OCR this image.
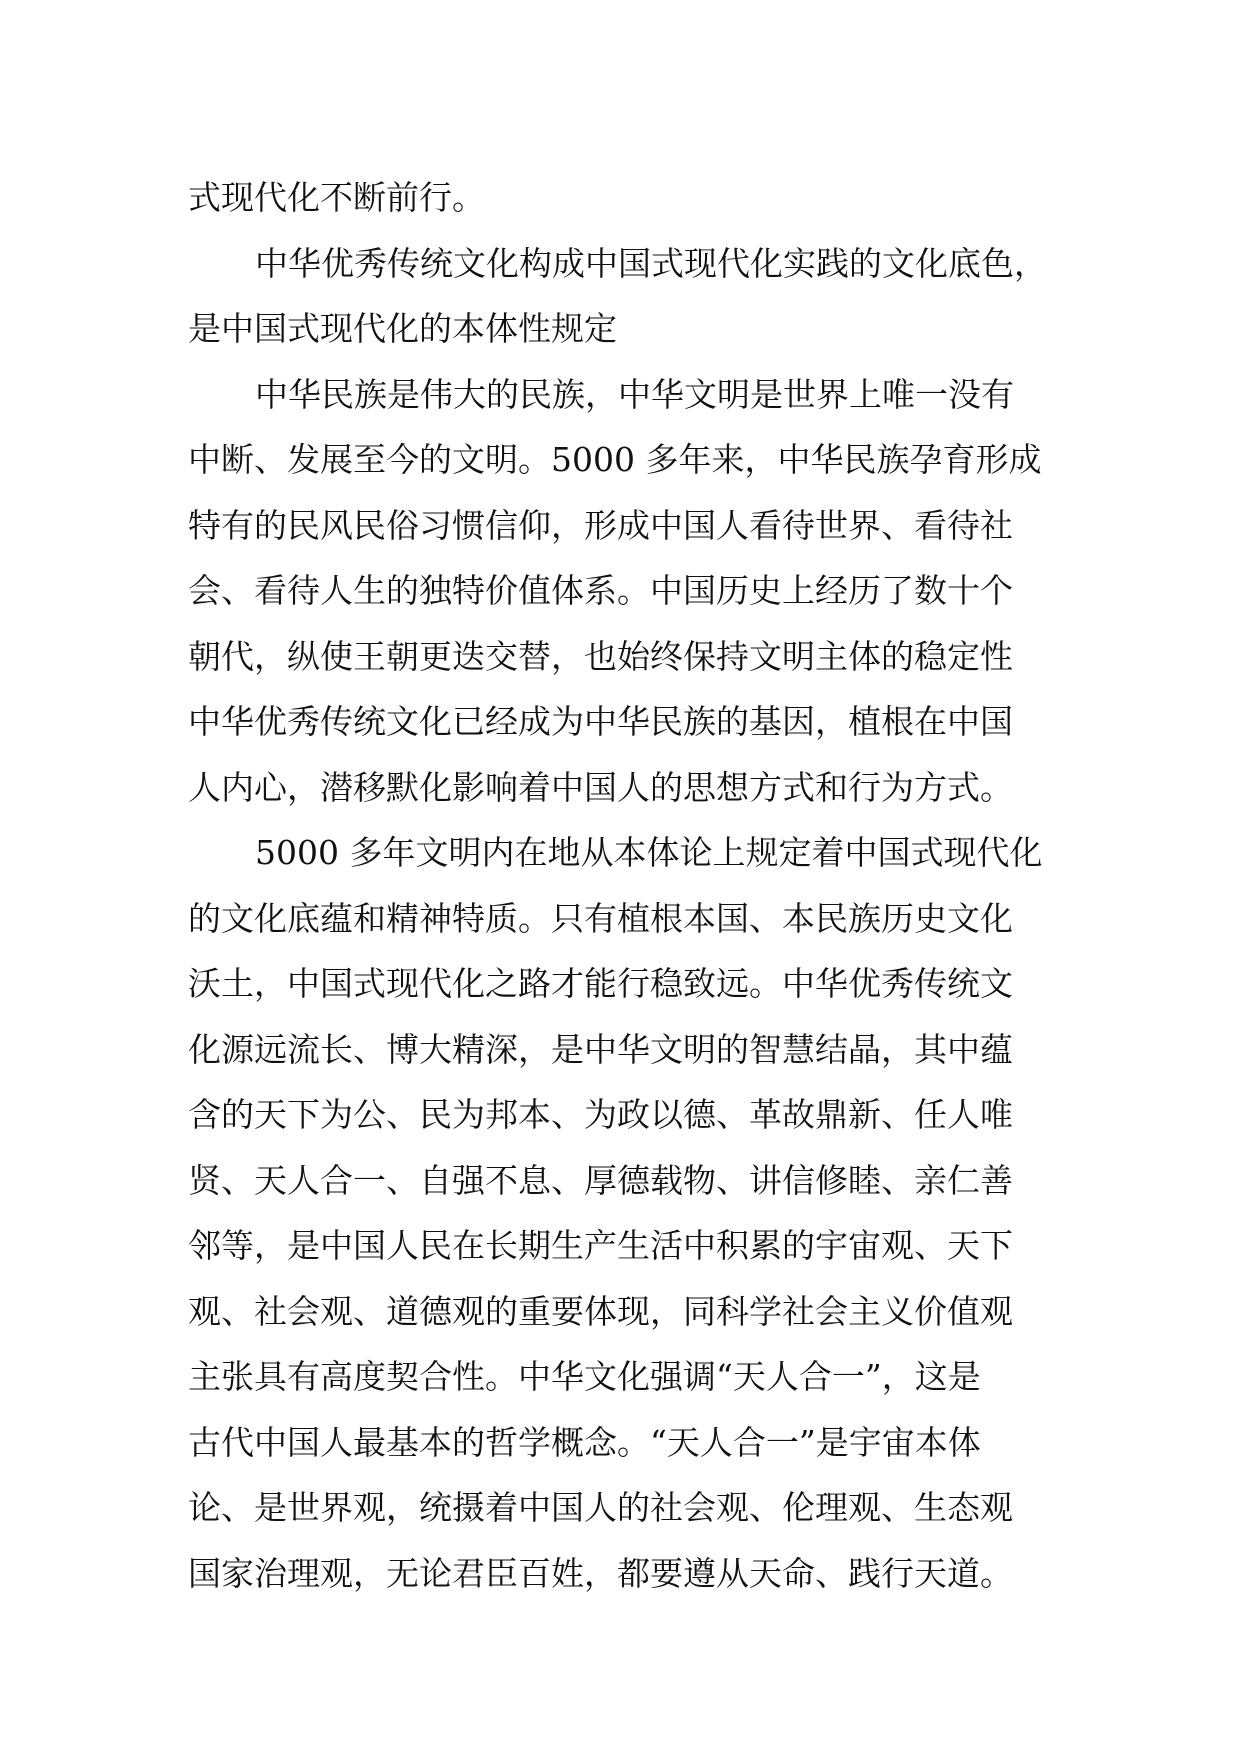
式现代化不断前行。
中华优秀传统文化构成中国式现代化实践的文化底色，
是中国式现代化的本体性规定
中华民族是伟大的民族，中华文明是世界上唯一没有
中断、发展至今的文明。5000 多年来，中华民族孕育形成
特有的民风民俗习惯信仰，形成中国人看待世界、看待社
会、看待人生的独特价值体系。中国历史上经历了数十个
朝代，纵使王朝更迭交替，也始终保持文明主体的稳定性
中华优秀传统文化已经成为中华民族的基因，植根在中国
人内心，潜移默化影响着中国人的思想方式和行为方式。
5000 多年文明内在地从本体论上规定着中国式现代化
的文化底蕴和精神特质。只有植根本国、本民族历史文化
沃土，中国式现代化之路才能行稳致远。中华优秀传统文
化源远流长、博大精深，是中华文明的智慧结晶，其中蕴
含的天下为公、民为邦本、为政以德、革故鼎新、任人唯
贤、天人合一、自强不息、厚德载物、讲信修睦、亲仁善
邻等，是中国人民在长期生产生活中积累的宇宙观、天下
观、社会观、道德观的重要体现，同科学社会主义价值观
主张具有高度契合性。中华文化强调“天人合一”，这是
古代中国人最基本的哲学概念。“天人合一”是宇宙本体
论、是世界观，统摄着中国人的社会观、伦理观、生态观
国家治理观，无论君臣百姓，都要遵从天命、践行天道。
